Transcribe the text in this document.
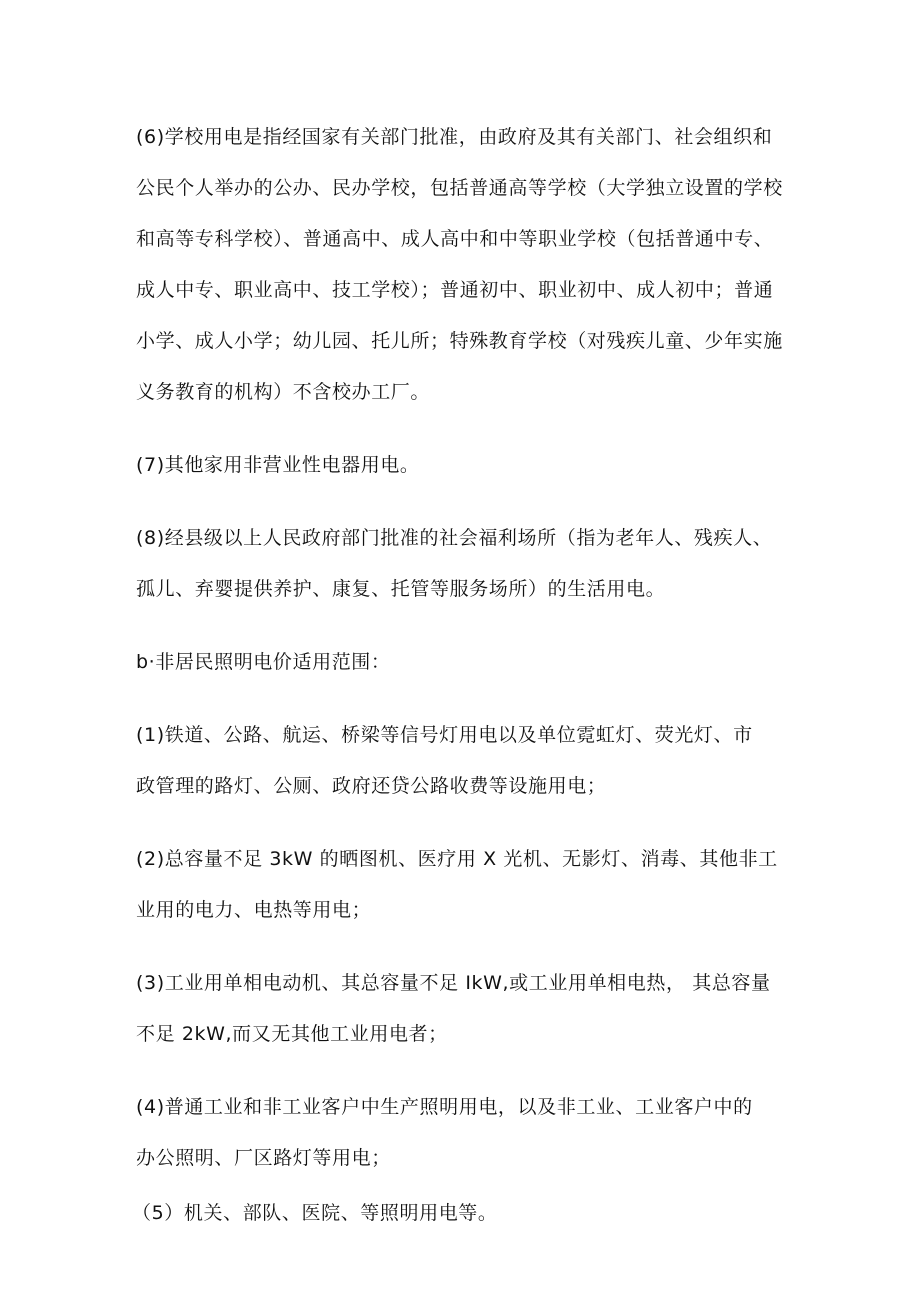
(6)学校用电是指经国家有关部门批准，由政府及其有关部门、社会组织和
公民个人举办的公办、民办学校，包括普通高等学校（大学独立设置的学校
和高等专科学校）、普通高中、成人高中和中等职业学校（包括普通中专、
成人中专、职业高中、技工学校）；普通初中、职业初中、成人初中；普通
小学、成人小学；幼儿园、托儿所；特殊教育学校（对残疾儿童、少年实施
义务教育的机构）不含校办工厂。

(7)其他家用非营业性电器用电。

(8)经县级以上人民政府部门批准的社会福利场所（指为老年人、残疾人、
孤儿、弃婴提供养护、康复、托管等服务场所）的生活用电。

b·非居民照明电价适用范围：

(1)铁道、公路、航运、桥梁等信号灯用电以及单位霓虹灯、荧光灯、市
政管理的路灯、公厕、政府还贷公路收费等设施用电；

(2)总容量不足 3kW 的晒图机、医疗用 X 光机、无影灯、消毒、其他非工
业用的电力、电热等用电；

(3)工业用单相电动机、其总容量不足 IkW,或工业用单相电热， 其总容量
不足 2kW,而又无其他工业用电者；

(4)普通工业和非工业客户中生产照明用电，以及非工业、工业客户中的
办公照明、厂区路灯等用电；

（5）机关、部队、医院、等照明用电等。
